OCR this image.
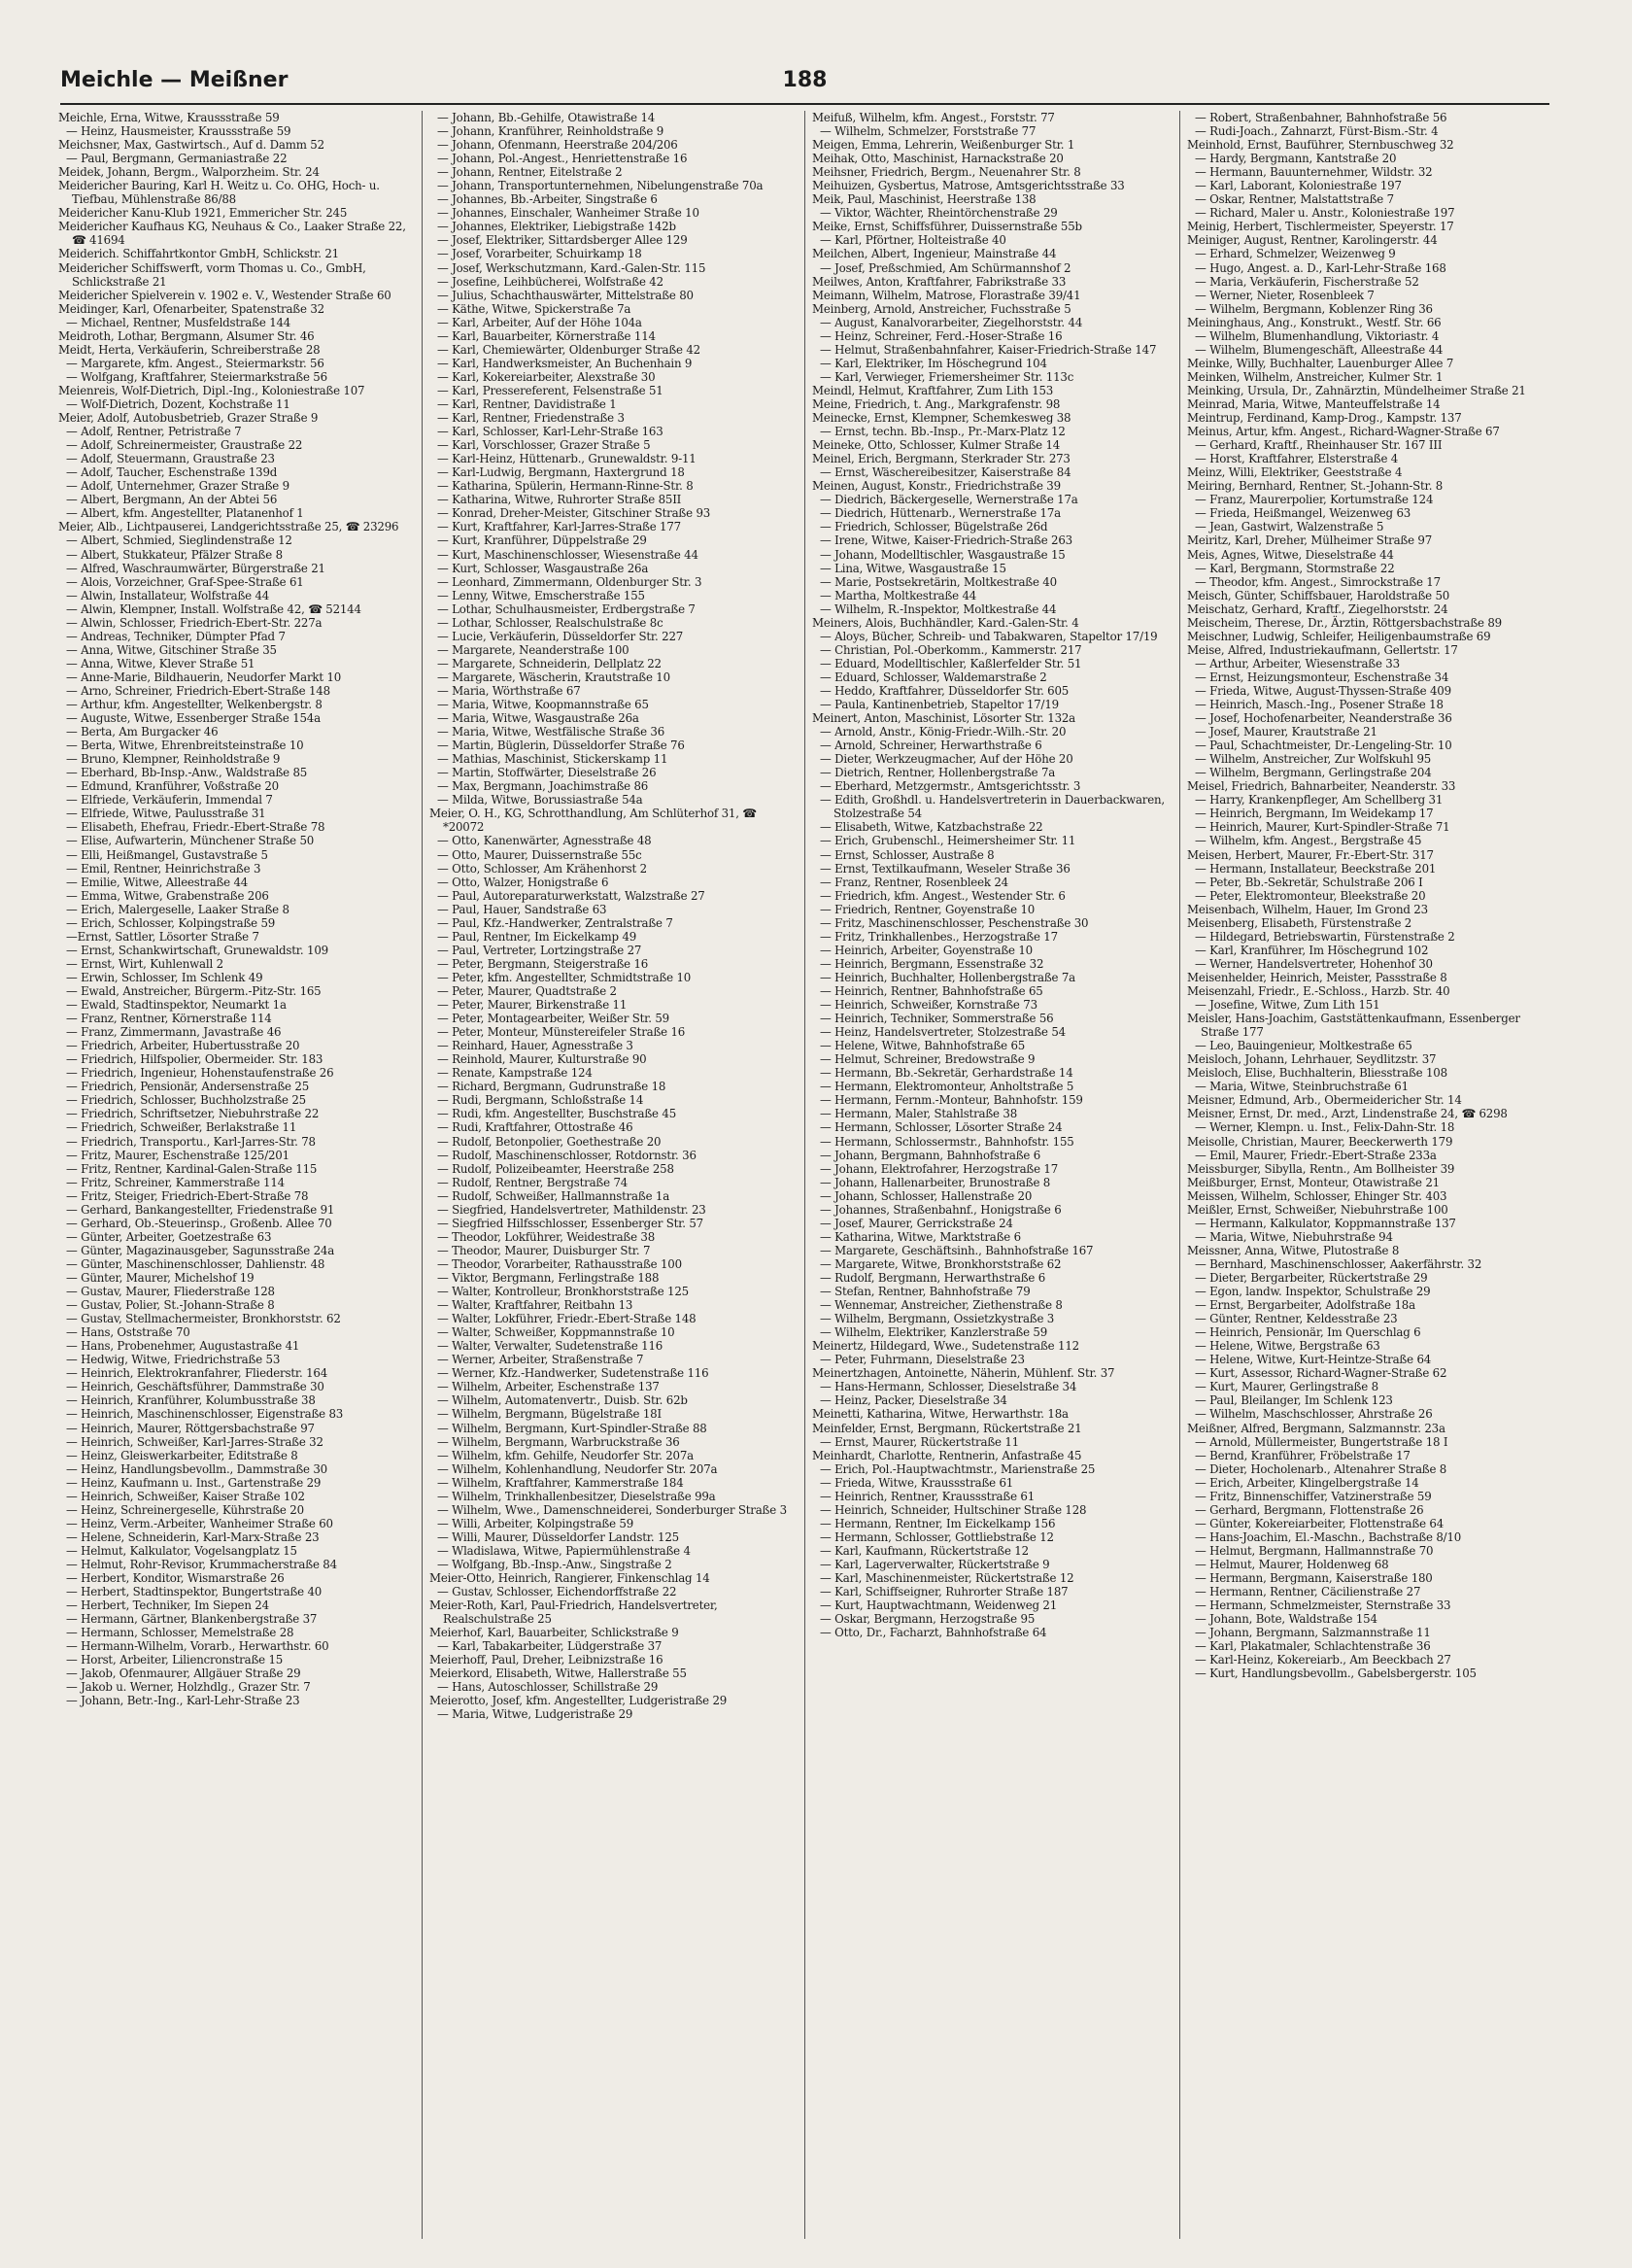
Meichle — Meißner	188
Meichle, Erna, Witwe, Kraussstraße 59
— Heinz, Hausmeister, Kraussstraße 59
Meichsner, Max, Gastwirtsch., Auf d. Damm 52
— Paul, Bergmann, Germaniastraße 22
Meidek, Johann, Bergm., Walporzheim. Str. 24
Meidericher Bauring, Karl H. Weitz u. Co. OHG, Hoch- u. Tiefbau, Mühlenstraße 86/88
Meidericher Kanu-Klub 1921, Emmericher Str. 245
Meidericher Kaufhaus KG, Neuhaus & Co., Laaker Straße 22, ☎ 41694
Meiderich. Schiffahrtkontor GmbH, Schlickstr. 21
Meidericher Schiffswerft, vorm Thomas u. Co., GmbH, Schlickstraße 21
Meidericher Spielverein v. 1902 e. V., Westender Straße 60
Meidinger, Karl, Ofenarbeiter, Spatenstraße 32
— Michael, Rentner, Musfeldstraße 144
Meidroth, Lothar, Bergmann, Alsumer Str. 46
Meidt, Herta, Verkäuferin, Schreiberstraße 28
— Margarete, kfm. Angest., Steiermarkstr. 56
— Wolfgang, Kraftfahrer, Steiermarkstraße 56
Meienreis, Wolf-Dietrich, Dipl.-Ing., Koloniestraße 107
— Wolf-Dietrich, Dozent, Kochstraße 11
Meier, Adolf, Autobusbetrieb, Grazer Straße 9
— Adolf, Rentner, Petristraße 7
— Adolf, Schreinermeister, Graustraße 22
— Adolf, Steuermann, Graustraße 23
— Adolf, Taucher, Eschenstraße 139d
— Adolf, Unternehmer, Grazer Straße 9
— Albert, Bergmann, An der Abtei 56
— Albert, kfm. Angestellter, Platanenhof 1
Meier, Alb., Lichtpauserei, Landgerichtsstraße 25, ☎ 23296
— Albert, Schmied, Sieglindenstraße 12
— Albert, Stukkateur, Pfälzer Straße 8
— Alfred, Waschraumwärter, Bürgerstraße 21
— Alois, Vorzeichner, Graf-Spee-Straße 61
— Alwin, Installateur, Wolfstraße 44
— Alwin, Klempner, Install. Wolfstraße 42, ☎ 52144
— Alwin, Schlosser, Friedrich-Ebert-Str. 227a
— Andreas, Techniker, Dümpter Pfad 7
— Anna, Witwe, Gitschiner Straße 35
— Anna, Witwe, Klever Straße 51
— Anne-Marie, Bildhauerin, Neudorfer Markt 10
— Arno, Schreiner, Friedrich-Ebert-Straße 148
— Arthur, kfm. Angestellter, Welkenbergstr. 8
— Auguste, Witwe, Essenberger Straße 154a
— Berta, Am Burgacker 46
— Berta, Witwe, Ehrenbreitsteinstraße 10
— Bruno, Klempner, Reinholdstraße 9
— Eberhard, Bb-Insp.-Anw., Waldstraße 85
— Edmund, Kranführer, Voßstraße 20
— Elfriede, Verkäuferin, Immendal 7
— Elfriede, Witwe, Paulusstraße 31
— Elisabeth, Ehefrau, Friedr.-Ebert-Straße 78
— Elise, Aufwarterin, Münchener Straße 50
— Elli, Heißmangel, Gustavstraße 5
— Emil, Rentner, Heinrichstraße 3
— Emilie, Witwe, Alleestraße 44
— Emma, Witwe, Grabenstraße 206
— Erich, Malergeselle, Laaker Straße 8
— Erich, Schlosser, Kolpingstraße 59
—Ernst, Sattler, Lösorter Straße 7
— Ernst, Schankwirtschaft, Grunewaldstr. 109
— Ernst, Wirt, Kuhlenwall 2
— Erwin, Schlosser, Im Schlenk 49
— Ewald, Anstreicher, Bürgerm.-Pitz-Str. 165
— Ewald, Stadtinspektor, Neumarkt 1a
— Franz, Rentner, Körnerstraße 114
— Franz, Zimmermann, Javastraße 46
— Friedrich, Arbeiter, Hubertusstraße 20
— Friedrich, Hilfspolier, Obermeider. Str. 183
— Friedrich, Ingenieur, Hohenstaufenstraße 26
— Friedrich, Pensionär, Andersenstraße 25
— Friedrich, Schlosser, Buchholzstraße 25
— Friedrich, Schriftsetzer, Niebuhrstraße 22
— Friedrich, Schweißer, Berlakstraße 11
— Friedrich, Transportu., Karl-Jarres-Str. 78
— Fritz, Maurer, Eschenstraße 125/201
— Fritz, Rentner, Kardinal-Galen-Straße 115
— Fritz, Schreiner, Kammerstraße 114
— Fritz, Steiger, Friedrich-Ebert-Straße 78
— Gerhard, Bankangestellter, Friedenstraße 91
— Gerhard, Ob.-Steuerinsp., Großenb. Allee 70
— Günter, Arbeiter, Goetzestraße 63
— Günter, Magazinausgeber, Sagunsstraße 24a
— Günter, Maschinenschlosser, Dahlienstr. 48
— Günter, Maurer, Michelshof 19
— Gustav, Maurer, Fliederstraße 128
— Gustav, Polier, St.-Johann-Straße 8
— Gustav, Stellmachermeister, Bronkhorststr. 62
— Hans, Oststraße 70
— Hans, Probenehmer, Augustastraße 41
— Hedwig, Witwe, Friedrichstraße 53
— Heinrich, Elektrokranfahrer, Fliederstr. 164
— Heinrich, Geschäftsführer, Dammstraße 30
— Heinrich, Kranführer, Kolumbusstraße 38
— Heinrich, Maschinenschlosser, Eigenstraße 83
— Heinrich, Maurer, Röttgersbachstraße 97
— Heinrich, Schweißer, Karl-Jarres-Straße 32
— Heinz, Gleiswerkarbeiter, Editstraße 8
— Heinz, Handlungsbevollm., Dammstraße 30
— Heinz, Kaufmann u. Inst., Gartenstraße 29
— Heinrich, Schweißer, Kaiser Straße 102
— Heinz, Schreinergeselle, Kührstraße 20
— Heinz, Verm.-Arbeiter, Wanheimer Straße 60
— Helene, Schneiderin, Karl-Marx-Straße 23
— Helmut, Kalkulator, Vogelsangplatz 15
— Helmut, Rohr-Revisor, Krummacherstraße 84
— Herbert, Konditor, Wismarstraße 26
— Herbert, Stadtinspektor, Bungertstraße 40
— Herbert, Techniker, Im Siepen 24
— Hermann, Gärtner, Blankenbergstraße 37
— Hermann, Schlosser, Memelstraße 28
— Hermann-Wilhelm, Vorarb., Herwarthstr. 60
— Horst, Arbeiter, Liliencronstraße 15
— Jakob, Ofenmaurer, Allgäuer Straße 29
— Jakob u. Werner, Holzhdlg., Grazer Str. 7
— Johann, Betr.-Ing., Karl-Lehr-Straße 23
— Johann, Bb.-Gehilfe, Otawistraße 14
— Johann, Kranführer, Reinholdstraße 9
— Johann, Ofenmann, Heerstraße 204/206
— Johann, Pol.-Angest., Henriettenstraße 16
— Johann, Rentner, Eitelstraße 2
— Johann, Transportunternehmen, Nibelungenstraße 70a
— Johannes, Bb.-Arbeiter, Singstraße 6
— Johannes, Einschaler, Wanheimer Straße 10
— Johannes, Elektriker, Liebigstraße 142b
— Josef, Elektriker, Sittardsberger Allee 129
— Josef, Vorarbeiter, Schuirkamp 18
— Josef, Werkschutzmann, Kard.-Galen-Str. 115
— Josefine, Leihbücherei, Wolfstraße 42
— Julius, Schachthauswärter, Mittelstraße 80
— Käthe, Witwe, Spickerstraße 7a
— Karl, Arbeiter, Auf der Höhe 104a
— Karl, Bauarbeiter, Körnerstraße 114
— Karl, Chemiewärter, Oldenburger Straße 42
— Karl, Handwerksmeister, An Buchenhain 9
— Karl, Kokereiarbeiter, Alexstraße 30
— Karl, Pressereferent, Felsenstraße 51
— Karl, Rentner, Davidistraße 1
— Karl, Rentner, Friedenstraße 3
— Karl, Schlosser, Karl-Lehr-Straße 163
— Karl, Vorschlosser, Grazer Straße 5
— Karl-Heinz, Hüttenarb., Grunewaldstr. 9-11
— Karl-Ludwig, Bergmann, Haxtergrund 18
— Katharina, Spülerin, Hermann-Rinne-Str. 8
— Katharina, Witwe, Ruhrorter Straße 85II
— Konrad, Dreher-Meister, Gitschiner Straße 93
— Kurt, Kraftfahrer, Karl-Jarres-Straße 177
— Kurt, Kranführer, Düppelstraße 29
— Kurt, Maschinenschlosser, Wiesenstraße 44
— Kurt, Schlosser, Wasgaustraße 26a
— Leonhard, Zimmermann, Oldenburger Str. 3
— Lenny, Witwe, Emscherstraße 155
— Lothar, Schulhausmeister, Erdbergstraße 7
— Lothar, Schlosser, Realschulstraße 8c
— Lucie, Verkäuferin, Düsseldorfer Str. 227
— Margarete, Neanderstraße 100
— Margarete, Schneiderin, Dellplatz 22
— Margarete, Wäscherin, Krautstraße 10
— Maria, Wörthstraße 67
— Maria, Witwe, Koopmannstraße 65
— Maria, Witwe, Wasgaustraße 26a
— Maria, Witwe, Westfälische Straße 36
— Martin, Büglerin, Düsseldorfer Straße 76
— Mathias, Maschinist, Stickerskamp 11
— Martin, Stoffwärter, Dieselstraße 26
— Max, Bergmann, Joachimstraße 86
— Milda, Witwe, Borussiastraße 54a
Meier, O. H., KG, Schrotthandlung, Am Schlüterhof 31, ☎ *20072
— Otto, Kanenwärter, Agnesstraße 48
— Otto, Maurer, Duissernstraße 55c
— Otto, Schlosser, Am Krähenhorst 2
— Otto, Walzer, Honigstraße 6
— Paul, Autoreparaturwerkstatt, Walzstraße 27
— Paul, Hauer, Sandstraße 63
— Paul, Kfz.-Handwerker, Zentralstraße 7
— Paul, Rentner, Im Eickelkamp 49
— Paul, Vertreter, Lortzingstraße 27
— Peter, Bergmann, Steigerstraße 16
— Peter, kfm. Angestellter, Schmidtstraße 10
— Peter, Maurer, Quadtstraße 2
— Peter, Maurer, Birkenstraße 11
— Peter, Montagearbeiter, Weißer Str. 59
— Peter, Monteur, Münstereifeler Straße 16
— Reinhard, Hauer, Agnesstraße 3
— Reinhold, Maurer, Kulturstraße 90
— Renate, Kampstraße 124
— Richard, Bergmann, Gudrunstraße 18
— Rudi, Bergmann, Schloßstraße 14
— Rudi, kfm. Angestellter, Buschstraße 45
— Rudi, Kraftfahrer, Ottostraße 46
— Rudolf, Betonpolier, Goethestraße 20
— Rudolf, Maschinenschlosser, Rotdornstr. 36
— Rudolf, Polizeibeamter, Heerstraße 258
— Rudolf, Rentner, Bergstraße 74
— Rudolf, Schweißer, Hallmannstraße 1a
— Siegfried, Handelsvertreter, Mathildenstr. 23
— Siegfried Hilfsschlosser, Essenberger Str. 57
— Theodor, Lokführer, Weidestraße 38
— Theodor, Maurer, Duisburger Str. 7
— Theodor, Vorarbeiter, Rathausstraße 100
— Viktor, Bergmann, Ferlingstraße 188
— Walter, Kontrolleur, Bronkhorststraße 125
— Walter, Kraftfahrer, Reitbahn 13
— Walter, Lokführer, Friedr.-Ebert-Straße 148
— Walter, Schweißer, Koppmannstraße 10
— Walter, Verwalter, Sudetenstraße 116
— Werner, Arbeiter, Straßenstraße 7
— Werner, Kfz.-Handwerker, Sudetenstraße 116
— Wilhelm, Arbeiter, Eschenstraße 137
— Wilhelm, Automatenvertr., Duisb. Str. 62b
— Wilhelm, Bergmann, Bügelstraße 18I
— Wilhelm, Bergmann, Kurt-Spindler-Straße 88
— Wilhelm, Bergmann, Warbruckstraße 36
— Wilhelm, kfm. Gehilfe, Neudorfer Str. 207a
— Wilhelm, Kohlenhandlung, Neudorfer Str. 207a
— Wilhelm, Kraftfahrer, Kammerstraße 184
— Wilhelm, Trinkhallenbesitzer, Dieselstraße 99a
— Wilhelm, Wwe., Damenschneiderei, Sonderburger Straße 3
— Willi, Arbeiter, Kolpingstraße 59
— Willi, Maurer, Düsseldorfer Landstr. 125
— Wladislawa, Witwe, Papiermühlenstraße 4
— Wolfgang, Bb.-Insp.-Anw., Singstraße 2
Meier-Otto, Heinrich, Rangierer, Finkenschlag 14
— Gustav, Schlosser, Eichendorffstraße 22
Meier-Roth, Karl, Paul-Friedrich, Handelsvertreter, Realschulstraße 25
Meierhof, Karl, Bauarbeiter, Schlickstraße 9
— Karl, Tabakarbeiter, Lüdgerstraße 37
Meierhoff, Paul, Dreher, Leibnizstraße 16
Meierkord, Elisabeth, Witwe, Hallerstraße 55
— Hans, Autoschlosser, Schillstraße 29
Meierotto, Josef, kfm. Angestellter, Ludgeristraße 29
— Maria, Witwe, Ludgeristraße 29
Meifuß, Wilhelm, kfm. Angest., Forststr. 77
— Wilhelm, Schmelzer, Forststraße 77
Meigen, Emma, Lehrerin, Weißenburger Str. 1
Meihak, Otto, Maschinist, Harnackstraße 20
Meihsner, Friedrich, Bergm., Neuenahrer Str. 8
Meihuizen, Gysbertus, Matrose, Amtsgerichtsstraße 33
Meik, Paul, Maschinist, Heerstraße 138
— Viktor, Wächter, Rheintörchenstraße 29
Meike, Ernst, Schiffsführer, Duissernstraße 55b
— Karl, Pförtner, Holteistraße 40
Meilchen, Albert, Ingenieur, Mainstraße 44
— Josef, Preßschmied, Am Schürmannshof 2
Meilwes, Anton, Kraftfahrer, Fabrikstraße 33
Meimann, Wilhelm, Matrose, Florastraße 39/41
Meinberg, Arnold, Anstreicher, Fuchsstraße 5
— August, Kanalvorarbeiter, Ziegelhorststr. 44
— Heinz, Schreiner, Ferd.-Hoser-Straße 16
— Helmut, Straßenbahnfahrer, Kaiser-Friedrich-Straße 147
— Karl, Elektriker, Im Höschegrund 104
— Karl, Verwieger, Friemersheimer Str. 113c
Meindl, Helmut, Kraftfahrer, Zum Lith 153
Meine, Friedrich, t. Ang., Markgrafenstr. 98
Meinecke, Ernst, Klempner, Schemkesweg 38
— Ernst, techn. Bb.-Insp., Pr.-Marx-Platz 12
Meineke, Otto, Schlosser, Kulmer Straße 14
Meinel, Erich, Bergmann, Sterkrader Str. 273
— Ernst, Wäschereibesitzer, Kaiserstraße 84
Meinen, August, Konstr., Friedrichstraße 39
— Diedrich, Bäckergeselle, Wernerstraße 17a
— Diedrich, Hüttenarb., Wernerstraße 17a
— Friedrich, Schlosser, Bügelstraße 26d
— Irene, Witwe, Kaiser-Friedrich-Straße 263
— Johann, Modelltischler, Wasgaustraße 15
— Lina, Witwe, Wasgaustraße 15
— Marie, Postsekretärin, Moltkestraße 40
— Martha, Moltkestraße 44
— Wilhelm, R.-Inspektor, Moltkestraße 44
Meiners, Alois, Buchhändler, Kard.-Galen-Str. 4
— Aloys, Bücher, Schreib- und Tabakwaren, Stapeltor 17/19
— Christian, Pol.-Oberkomm., Kammerstr. 217
— Eduard, Modelltischler, Kaßlerfelder Str. 51
— Eduard, Schlosser, Waldemarstraße 2
— Heddo, Kraftfahrer, Düsseldorfer Str. 605
— Paula, Kantinenbetrieb, Stapeltor 17/19
Meinert, Anton, Maschinist, Lösorter Str. 132a
— Arnold, Anstr., König-Friedr.-Wilh.-Str. 20
— Arnold, Schreiner, Herwarthstraße 6
— Dieter, Werkzeugmacher, Auf der Höhe 20
— Dietrich, Rentner, Hollenbergstraße 7a
— Eberhard, Metzgermstr., Amtsgerichtsstr. 3
— Edith, Großhdl. u. Handelsvertreterin in Dauerbackwaren, Stolzestraße 54
— Elisabeth, Witwe, Katzbachstraße 22
— Erich, Grubenschl., Heimersheimer Str. 11
— Ernst, Schlosser, Austraße 8
— Ernst, Textilkaufmann, Weseler Straße 36
— Franz, Rentner, Rosenbleek 24
— Friedrich, kfm. Angest., Westender Str. 6
— Friedrich, Rentner, Goyenstraße 10
— Fritz, Maschinenschlosser, Peschenstraße 30
— Fritz, Trinkhallenbes., Herzogstraße 17
— Heinrich, Arbeiter, Goyenstraße 10
— Heinrich, Bergmann, Essenstraße 32
— Heinrich, Buchhalter, Hollenbergstraße 7a
— Heinrich, Rentner, Bahnhofstraße 65
— Heinrich, Schweißer, Kornstraße 73
— Heinrich, Techniker, Sommerstraße 56
— Heinz, Handelsvertreter, Stolzestraße 54
— Helene, Witwe, Bahnhofstraße 65
— Helmut, Schreiner, Bredowstraße 9
— Hermann, Bb.-Sekretär, Gerhardstraße 14
— Hermann, Elektromonteur, Anholtstraße 5
— Hermann, Fernm.-Monteur, Bahnhofstr. 159
— Hermann, Maler, Stahlstraße 38
— Hermann, Schlosser, Lösorter Straße 24
— Hermann, Schlossermstr., Bahnhofstr. 155
— Johann, Bergmann, Bahnhofstraße 6
— Johann, Elektrofahrer, Herzogstraße 17
— Johann, Hallenarbeiter, Brunostraße 8
— Johann, Schlosser, Hallenstraße 20
— Johannes, Straßenbahnf., Honigstraße 6
— Josef, Maurer, Gerrickstraße 24
— Katharina, Witwe, Marktstraße 6
— Margarete, Geschäftsinh., Bahnhofstraße 167
— Margarete, Witwe, Bronkhorststraße 62
— Rudolf, Bergmann, Herwarthstraße 6
— Stefan, Rentner, Bahnhofstraße 79
— Wennemar, Anstreicher, Ziethenstraße 8
— Wilhelm, Bergmann, Ossietzkystraße 3
— Wilhelm, Elektriker, Kanzlerstraße 59
Meinertz, Hildegard, Wwe., Sudetenstraße 112
— Peter, Fuhrmann, Dieselstraße 23
Meinertzhagen, Antoinette, Näherin, Mühlenf. Str. 37
— Hans-Hermann, Schlosser, Dieselstraße 34
— Heinz, Packer, Dieselstraße 34
Meinetti, Katharina, Witwe, Herwarthstr. 18a
Meinfelder, Ernst, Bergmann, Rückertstraße 21
— Ernst, Maurer, Rückertstraße 11
Meinhardt, Charlotte, Rentnerin, Anfastraße 45
— Erich, Pol.-Hauptwachtmstr., Marienstraße 25
— Frieda, Witwe, Kraussstraße 61
— Heinrich, Rentner, Kraussstraße 61
— Heinrich, Schneider, Hultschiner Straße 128
— Hermann, Rentner, Im Eickelkamp 156
— Hermann, Schlosser, Gottliebstraße 12
— Karl, Kaufmann, Rückertstraße 12
— Karl, Lagerverwalter, Rückertstraße 9
— Karl, Maschinenmeister, Rückertstraße 12
— Karl, Schiffseigner, Ruhrorter Straße 187
— Kurt, Hauptwachtmann, Weidenweg 21
— Oskar, Bergmann, Herzogstraße 95
— Otto, Dr., Facharzt, Bahnhofstraße 64
— Robert, Straßenbahner, Bahnhofstraße 56
— Rudi-Joach., Zahnarzt, Fürst-Bism.-Str. 4
Meinhold, Ernst, Bauführer, Sternbuschweg 32
— Hardy, Bergmann, Kantstraße 20
— Hermann, Bauunternehmer, Wildstr. 32
— Karl, Laborant, Koloniestraße 197
— Oskar, Rentner, Malstattstraße 7
— Richard, Maler u. Anstr., Koloniestraße 197
Meinig, Herbert, Tischlermeister, Speyerstr. 17
Meiniger, August, Rentner, Karolingerstr. 44
— Erhard, Schmelzer, Weizenweg 9
— Hugo, Angest. a. D., Karl-Lehr-Straße 168
— Maria, Verkäuferin, Fischerstraße 52
— Werner, Nieter, Rosenbleek 7
— Wilhelm, Bergmann, Koblenzer Ring 36
Meininghaus, Ang., Konstrukt., Westf. Str. 66
— Wilhelm, Blumenhandlung, Viktoriastr. 4
— Wilhelm, Blumengeschäft, Alleestraße 44
Meinke, Willy, Buchhalter, Lauenburger Allee 7
Meinken, Wilhelm, Anstreicher, Kulmer Str. 1
Meinking, Ursula, Dr., Zahnärztin, Mündelheimer Straße 21
Meinrad, Maria, Witwe, Manteuffelstraße 14
Meintrup, Ferdinand, Kamp-Drog., Kampstr. 137
Meinus, Artur, kfm. Angest., Richard-Wagner-Straße 67
— Gerhard, Kraftf., Rheinhauser Str. 167 III
— Horst, Kraftfahrer, Elsterstraße 4
Meinz, Willi, Elektriker, Geeststraße 4
Meiring, Bernhard, Rentner, St.-Johann-Str. 8
— Franz, Maurerpolier, Kortumstraße 124
— Frieda, Heißmangel, Weizenweg 63
— Jean, Gastwirt, Walzenstraße 5
Meiritz, Karl, Dreher, Mülheimer Straße 97
Meis, Agnes, Witwe, Dieselstraße 44
— Karl, Bergmann, Stormstraße 22
— Theodor, kfm. Angest., Simrockstraße 17
Meisch, Günter, Schiffsbauer, Haroldstraße 50
Meischatz, Gerhard, Kraftf., Ziegelhorststr. 24
Meischeim, Therese, Dr., Ärztin, Röttgersbachstraße 89
Meischner, Ludwig, Schleifer, Heiligenbaumstraße 69
Meise, Alfred, Industriekaufmann, Gellertstr. 17
— Arthur, Arbeiter, Wiesenstraße 33
— Ernst, Heizungsmonteur, Eschenstraße 34
— Frieda, Witwe, August-Thyssen-Straße 409
— Heinrich, Masch.-Ing., Posener Straße 18
— Josef, Hochofenarbeiter, Neanderstraße 36
— Josef, Maurer, Krautstraße 21
— Paul, Schachtmeister, Dr.-Lengeling-Str. 10
— Wilhelm, Anstreicher, Zur Wolfskuhl 95
— Wilhelm, Bergmann, Gerlingstraße 204
Meisel, Friedrich, Bahnarbeiter, Neanderstr. 33
— Harry, Krankenpfleger, Am Schellberg 31
— Heinrich, Bergmann, Im Weidekamp 17
— Heinrich, Maurer, Kurt-Spindler-Straße 71
— Wilhelm, kfm. Angest., Bergstraße 45
Meisen, Herbert, Maurer, Fr.-Ebert-Str. 317
— Hermann, Installateur, Beeckstraße 201
— Peter, Bb.-Sekretär, Schulstraße 206 I
— Peter, Elektromonteur, Bleekstraße 20
Meisenbach, Wilhelm, Hauer, Im Grond 23
Meisenberg, Elisabeth, Fürstenstraße 2
— Hildegard, Betriebswartin, Fürstenstraße 2
— Karl, Kranführer, Im Höschegrund 102
— Werner, Handelsvertreter, Hohenhof 30
Meisenhelder, Heinrich, Meister, Passstraße 8
Meisenzahl, Friedr., E.-Schloss., Harzb. Str. 40
— Josefine, Witwe, Zum Lith 151
Meisler, Hans-Joachim, Gaststättenkaufmann, Essenberger Straße 177
— Leo, Bauingenieur, Moltkestraße 65
Meisloch, Johann, Lehrhauer, Seydlitzstr. 37
Meisloch, Elise, Buchhalterin, Bliesstraße 108
— Maria, Witwe, Steinbruchstraße 61
Meisner, Edmund, Arb., Obermeidericher Str. 14
Meisner, Ernst, Dr. med., Arzt, Lindenstraße 24, ☎ 6298
— Werner, Klempn. u. Inst., Felix-Dahn-Str. 18
Meisolle, Christian, Maurer, Beeckerwerth 179
— Emil, Maurer, Friedr.-Ebert-Straße 233a
Meissburger, Sibylla, Rentn., Am Bollheister 39
Meißburger, Ernst, Monteur, Otawistraße 21
Meissen, Wilhelm, Schlosser, Ehinger Str. 403
Meißler, Ernst, Schweißer, Niebuhrstraße 100
— Hermann, Kalkulator, Koppmannstraße 137
— Maria, Witwe, Niebuhrstraße 94
Meissner, Anna, Witwe, Plutostraße 8
— Bernhard, Maschinenschlosser, Aakerfährstr. 32
— Dieter, Bergarbeiter, Rückertstraße 29
— Egon, landw. Inspektor, Schulstraße 29
— Ernst, Bergarbeiter, Adolfstraße 18a
— Günter, Rentner, Keldesstraße 23
— Heinrich, Pensionär, Im Querschlag 6
— Helene, Witwe, Bergstraße 63
— Helene, Witwe, Kurt-Heintze-Straße 64
— Kurt, Assessor, Richard-Wagner-Straße 62
— Kurt, Maurer, Gerlingstraße 8
— Paul, Bleilanger, Im Schlenk 123
— Wilhelm, Maschschlosser, Ahrstraße 26
Meißner, Alfred, Bergmann, Salzmannstr. 23a
— Arnold, Müllermeister, Bungertstraße 18 I
— Bernd, Kranführer, Fröbelstraße 17
— Dieter, Hocholenarb., Altenahrer Straße 8
— Erich, Arbeiter, Klingelbergstraße 14
— Fritz, Binnenschiffer, Vatzinerstraße 59
— Gerhard, Bergmann, Flottenstraße 26
— Günter, Kokereiarbeiter, Flottenstraße 64
— Hans-Joachim, El.-Maschn., Bachstraße 8/10
— Helmut, Bergmann, Hallmannstraße 70
— Helmut, Maurer, Holdenweg 68
— Hermann, Bergmann, Kaiserstraße 180
— Hermann, Rentner, Cäcilienstraße 27
— Hermann, Schmelzmeister, Sternstraße 33
— Johann, Bote, Waldstraße 154
— Johann, Bergmann, Salzmannstraße 11
— Karl, Plakatmaler, Schlachtenstraße 36
— Karl-Heinz, Kokereiarb., Am Beeckbach 27
— Kurt, Handlungsbevollm., Gabelsbergerstr. 105
